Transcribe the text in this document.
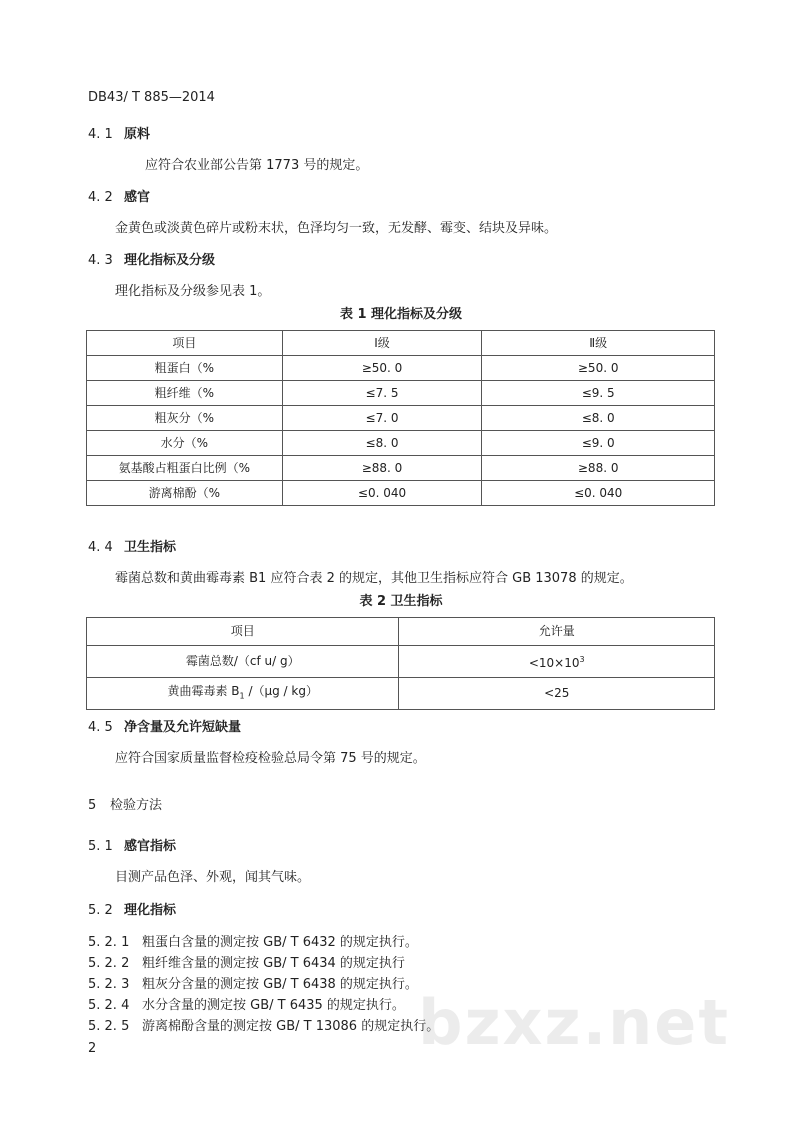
DB43/ T 885—2014
4. 1 原料
应符合农业部公告第 1773 号的规定。
4. 2 感官
金黄色或淡黄色碎片或粉末状，色泽均匀一致，无发酵、霉变、结块及异味。
4. 3 理化指标及分级
理化指标及分级参见表 1。
表 1 理化指标及分级
项目	Ⅰ级	Ⅱ级
粗蛋白（%	≥50. 0	≥50. 0
粗纤维（%	≤7. 5	≤9. 5
粗灰分（%	≤7. 0	≤8. 0
水分（%	≤8. 0	≤9. 0
氨基酸占粗蛋白比例（%	≥88. 0	≥88. 0
游离棉酚（%	≤0. 040	≤0. 040
4. 4 卫生指标
霉菌总数和黄曲霉毒素 B1 应符合表 2 的规定，其他卫生指标应符合 GB 13078 的规定。
表 2 卫生指标
项目	允许量
霉菌总数/（cf u/ g）	$<10\times 10^3$
黄曲霉毒素 $B_1$ /（μg / kg）	<25
4. 5 净含量及允许短缺量
应符合国家质量监督检疫检验总局令第 75 号的规定。
5 检验方法
5. 1 感官指标
目测产品色泽、外观，闻其气味。
5. 2 理化指标
5. 2. 1 粗蛋白含量的测定按 GB/ T 6432 的规定执行。
5. 2. 2 粗纤维含量的测定按 GB/ T 6434 的规定执行
5. 2. 3 粗灰分含量的测定按 GB/ T 6438 的规定执行。
5. 2. 4 水分含量的测定按 GB/ T 6435 的规定执行。
5. 2. 5 游离棉酚含量的测定按 GB/ T 13086 的规定执行。
bzxz.net
2
